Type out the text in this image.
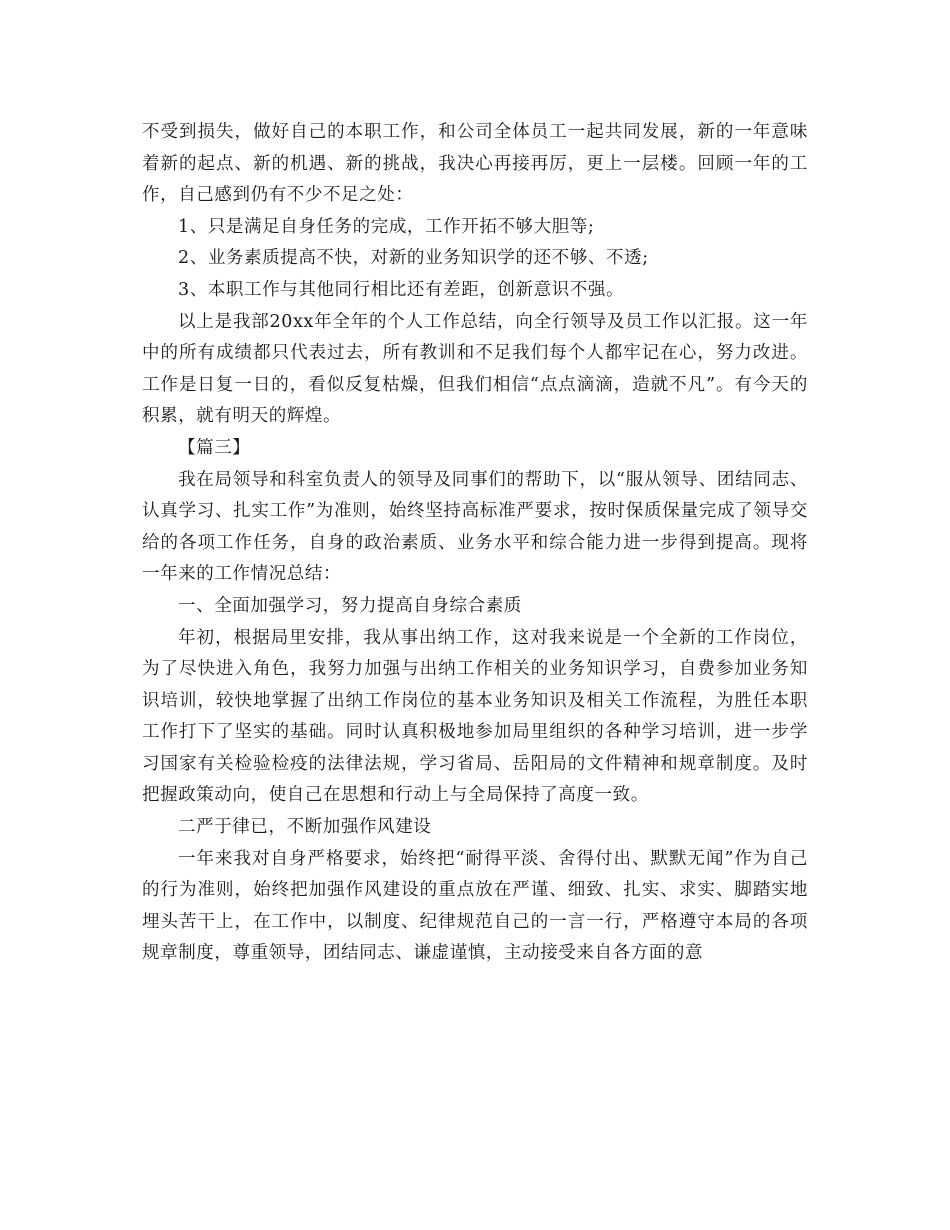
不受到损失，做好自己的本职工作，和公司全体员工一起共同发展，新的一年意味着新的起点、新的机遇、新的挑战，我决心再接再厉，更上一层楼。回顾一年的工作，自己感到仍有不少不足之处：

1、只是满足自身任务的完成，工作开拓不够大胆等;

2、业务素质提高不快，对新的业务知识学的还不够、不透;

3、本职工作与其他同行相比还有差距，创新意识不强。

以上是我部20xx年全年的个人工作总结，向全行领导及员工作以汇报。这一年中的所有成绩都只代表过去，所有教训和不足我们每个人都牢记在心，努力改进。工作是日复一日的，看似反复枯燥，但我们相信“点点滴滴，造就不凡”。有今天的积累，就有明天的辉煌。

【篇三】

我在局领导和科室负责人的领导及同事们的帮助下，以“服从领导、团结同志、认真学习、扎实工作”为准则，始终坚持高标准严要求，按时保质保量完成了领导交给的各项工作任务，自身的政治素质、业务水平和综合能力进一步得到提高。现将一年来的工作情况总结：

一、全面加强学习，努力提高自身综合素质

年初，根据局里安排，我从事出纳工作，这对我来说是一个全新的工作岗位，为了尽快进入角色，我努力加强与出纳工作相关的业务知识学习，自费参加业务知识培训，较快地掌握了出纳工作岗位的基本业务知识及相关工作流程，为胜任本职工作打下了坚实的基础。同时认真积极地参加局里组织的各种学习培训，进一步学习国家有关检验检疫的法律法规，学习省局、岳阳局的文件精神和规章制度。及时把握政策动向，使自己在思想和行动上与全局保持了高度一致。

二严于律已，不断加强作风建设

一年来我对自身严格要求，始终把“耐得平淡、舍得付出、默默无闻”作为自己的行为准则，始终把加强作风建设的重点放在严谨、细致、扎实、求实、脚踏实地埋头苦干上，在工作中，以制度、纪律规范自己的一言一行，严格遵守本局的各项规章制度，尊重领导，团结同志、谦虚谨慎，主动接受来自各方面的意
